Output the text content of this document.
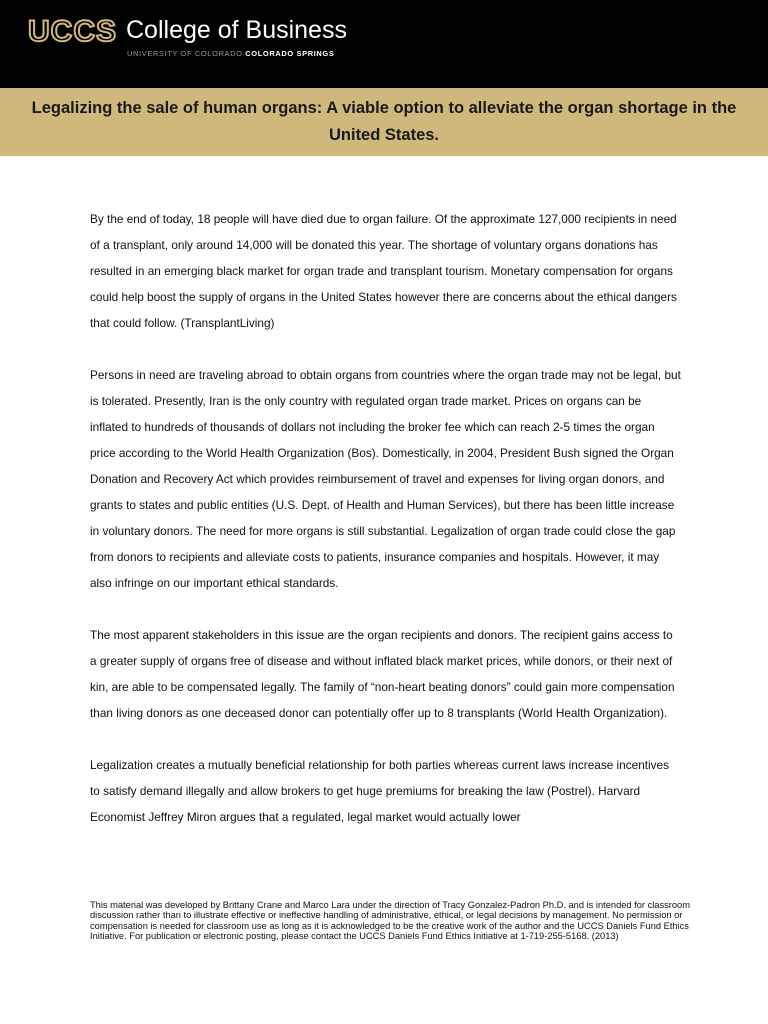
UCCS College of Business
UNIVERSITY OF COLORADO COLORADO SPRINGS
Legalizing the sale of human organs: A viable option to alleviate the organ shortage in the United States.

By the end of today, 18 people will have died due to organ failure. Of the approximate 127,000 recipients in need of a transplant, only around 14,000 will be donated this year. The shortage of voluntary organs donations has resulted in an emerging black market for organ trade and transplant tourism. Monetary compensation for organs could help boost the supply of organs in the United States however there are concerns about the ethical dangers that could follow. (TransplantLiving)

Persons in need are traveling abroad to obtain organs from countries where the organ trade may not be legal, but is tolerated. Presently, Iran is the only country with regulated organ trade market. Prices on organs can be inflated to hundreds of thousands of dollars not including the broker fee which can reach 2-5 times the organ price according to the World Health Organization (Bos). Domestically, in 2004, President Bush signed the Organ Donation and Recovery Act which provides reimbursement of travel and expenses for living organ donors, and grants to states and public entities (U.S. Dept. of Health and Human Services), but there has been little increase in voluntary donors. The need for more organs is still substantial. Legalization of organ trade could close the gap from donors to recipients and alleviate costs to patients, insurance companies and hospitals. However, it may also infringe on our important ethical standards.

The most apparent stakeholders in this issue are the organ recipients and donors. The recipient gains access to a greater supply of organs free of disease and without inflated black market prices, while donors, or their next of kin, are able to be compensated legally. The family of “non-heart beating donors” could gain more compensation than living donors as one deceased donor can potentially offer up to 8 transplants (World Health Organization).

Legalization creates a mutually beneficial relationship for both parties whereas current laws increase incentives to satisfy demand illegally and allow brokers to get huge premiums for breaking the law (Postrel). Harvard Economist Jeffrey Miron argues that a regulated, legal market would actually lower

This material was developed by Brittany Crane and Marco Lara under the direction of Tracy Gonzalez-Padron Ph.D. and is intended for classroom discussion rather than to illustrate effective or ineffective handling of administrative, ethical, or legal decisions by management. No permission or compensation is needed for classroom use as long as it is acknowledged to be the creative work of the author and the UCCS Daniels Fund Ethics Initiative. For publication or electronic posting, please contact the UCCS Daniels Fund Ethics Initiative at 1-719-255-5168. (2013)
